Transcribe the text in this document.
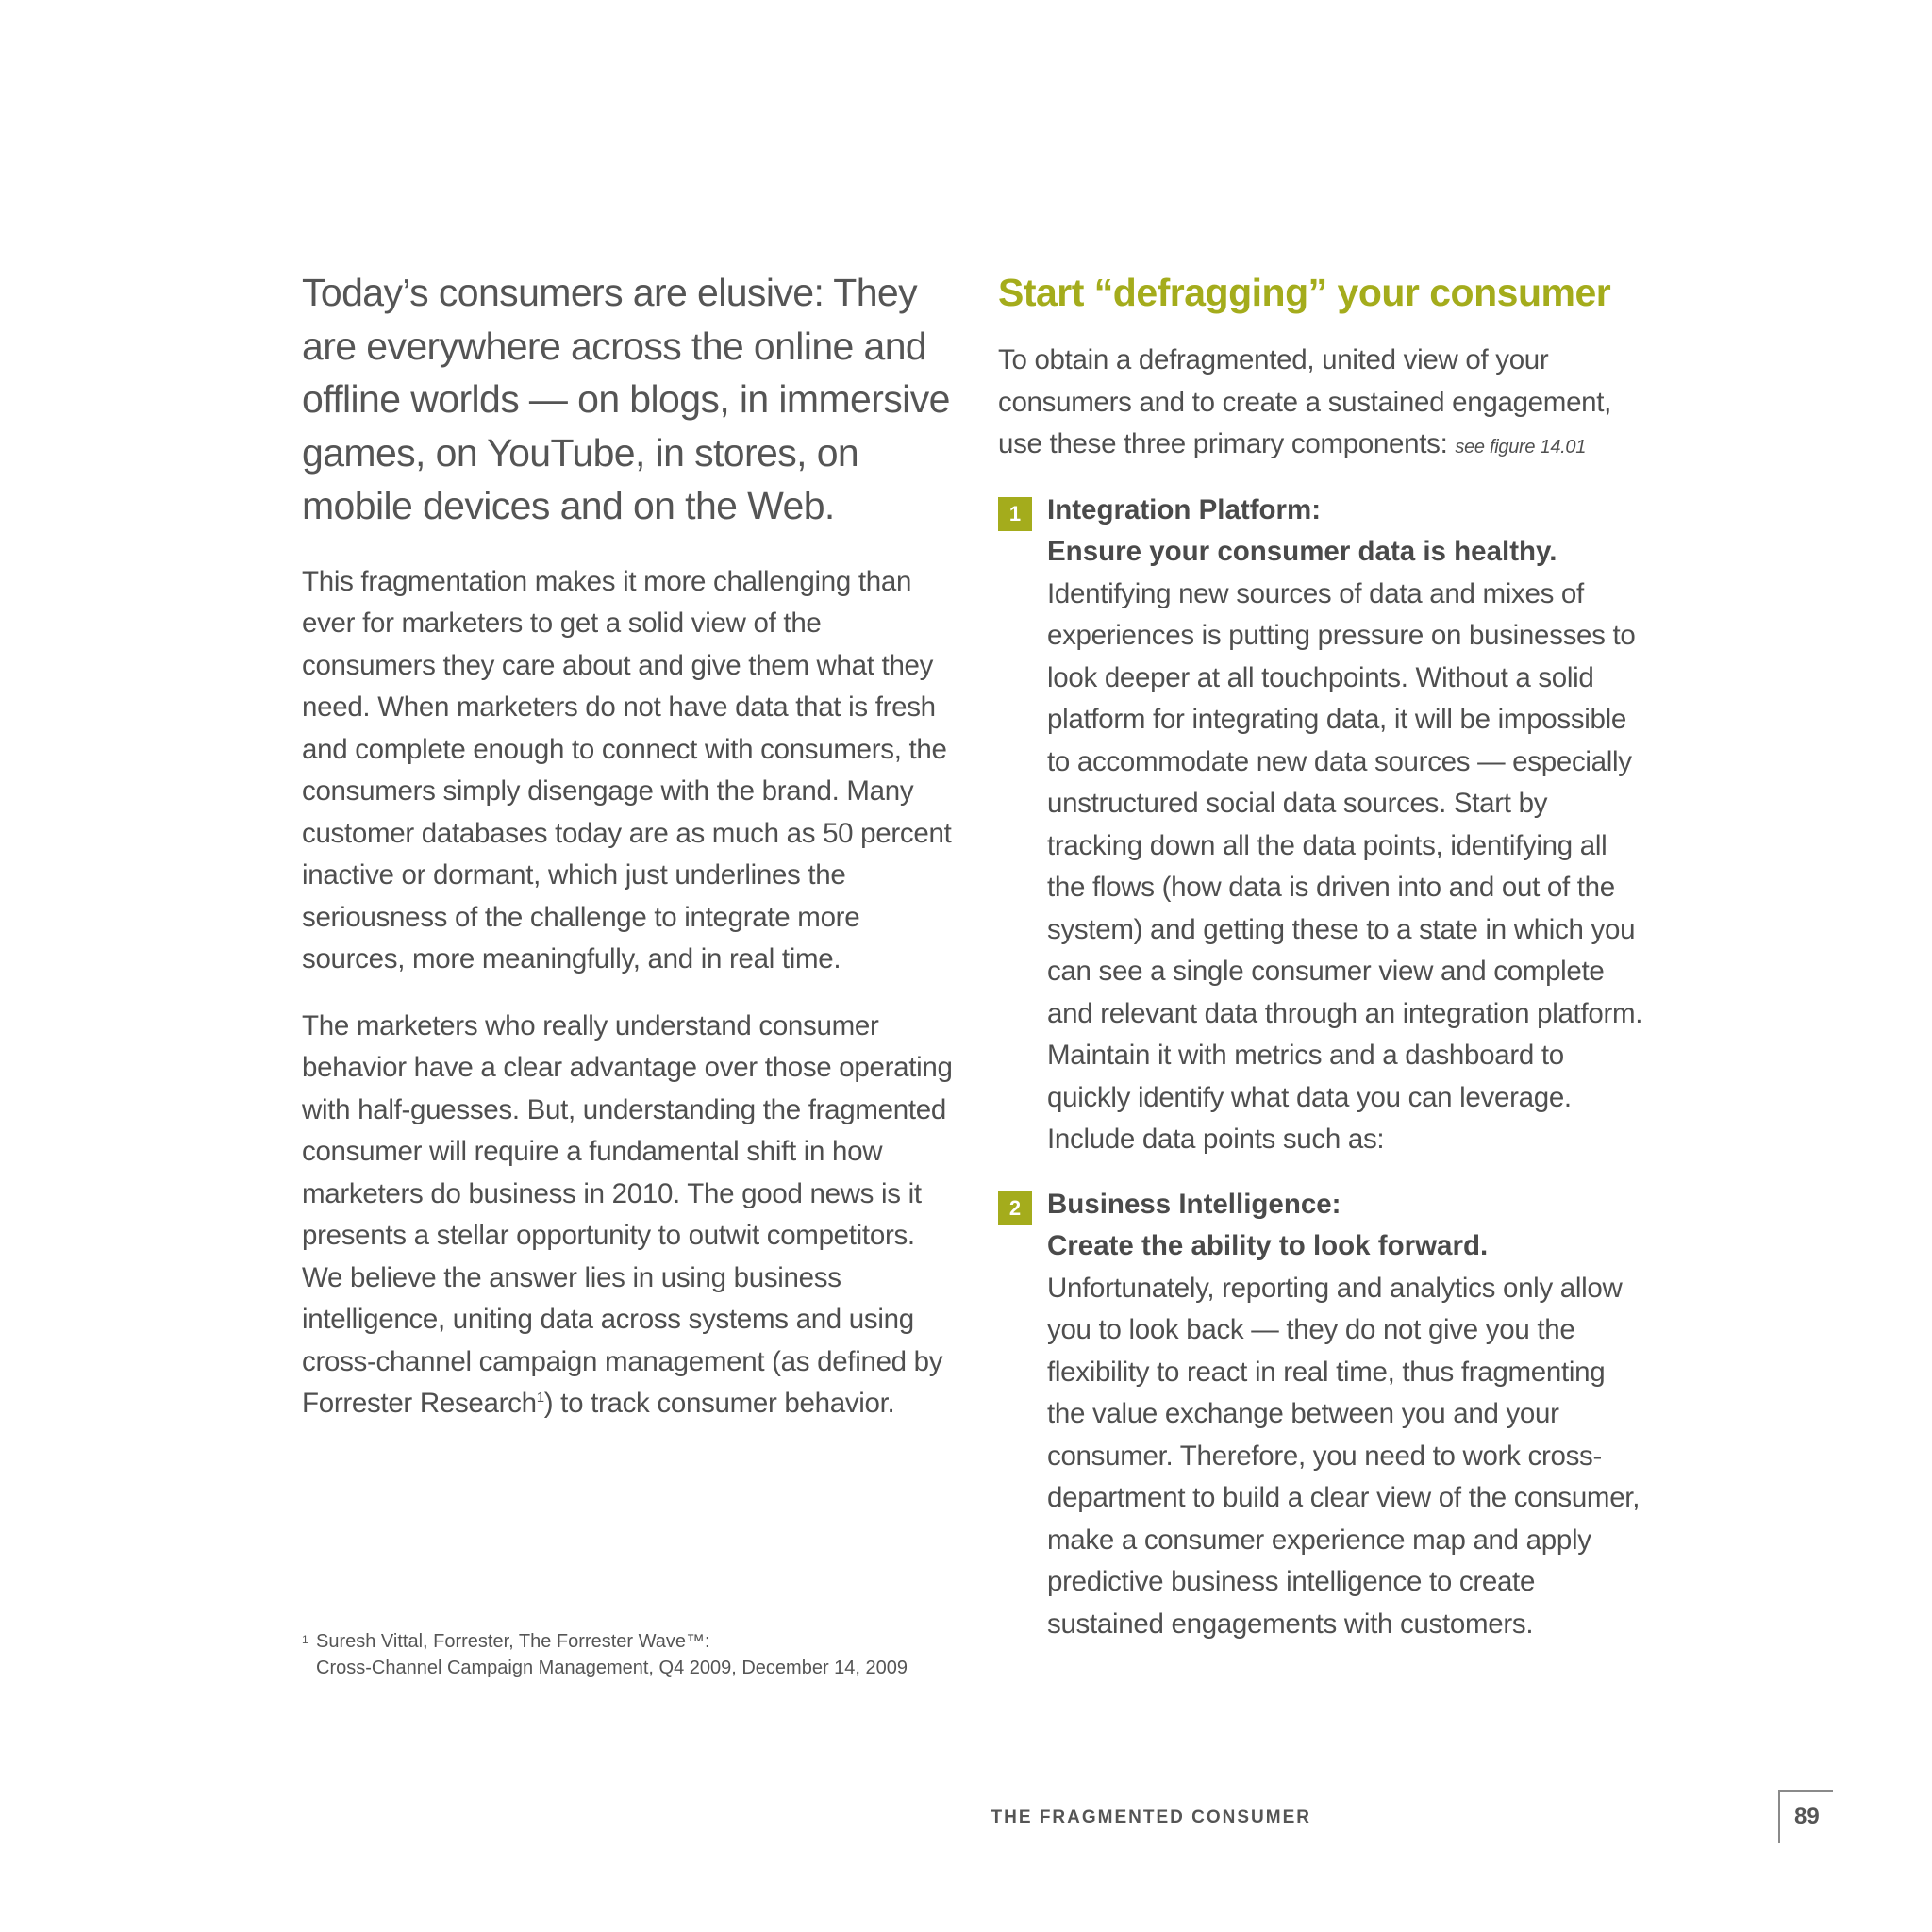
Today’s consumers are elusive: They are everywhere across the online and offline worlds — on blogs, in immersive games, on YouTube, in stores, on mobile devices and on the Web.

This fragmentation makes it more challenging than ever for marketers to get a solid view of the consumers they care about and give them what they need. When marketers do not have data that is fresh and complete enough to connect with consumers, the consumers simply disengage with the brand. Many customer databases today are as much as 50 percent inactive or dormant, which just underlines the seriousness of the challenge to integrate more sources, more meaningfully, and in real time.

The marketers who really understand consumer behavior have a clear advantage over those operating with half-guesses. But, understanding the fragmented consumer will require a fundamental shift in how marketers do business in 2010. The good news is it presents a stellar opportunity to outwit competitors. We believe the answer lies in using business intelligence, uniting data across systems and using cross-channel campaign management (as defined by Forrester Research$^1$) to track consumer behavior.

1 Suresh Vittal, Forrester, The Forrester Wave™:
Cross-Channel Campaign Management, Q4 2009, December 14, 2009
Start “defragging” your consumer

To obtain a defragmented, united view of your consumers and to create a sustained engagement, use these three primary components: see figure 14.01

1 Integration Platform:
Ensure your consumer data is healthy.
Identifying new sources of data and mixes of experiences is putting pressure on businesses to look deeper at all touchpoints. Without a solid platform for integrating data, it will be impossible to accommodate new data sources — especially unstructured social data sources. Start by tracking down all the data points, identifying all the flows (how data is driven into and out of the system) and getting these to a state in which you can see a single consumer view and complete and relevant data through an integration platform. Maintain it with metrics and a dashboard to quickly identify what data you can leverage. Include data points such as:
2 Business Intelligence:
Create the ability to look forward.
Unfortunately, reporting and analytics only allow you to look back — they do not give you the flexibility to react in real time, thus fragmenting the value exchange between you and your consumer. Therefore, you need to work cross-department to build a clear view of the consumer, make a consumer experience map and apply predictive business intelligence to create sustained engagements with customers.
THE FRAGMENTED CONSUMER	89
